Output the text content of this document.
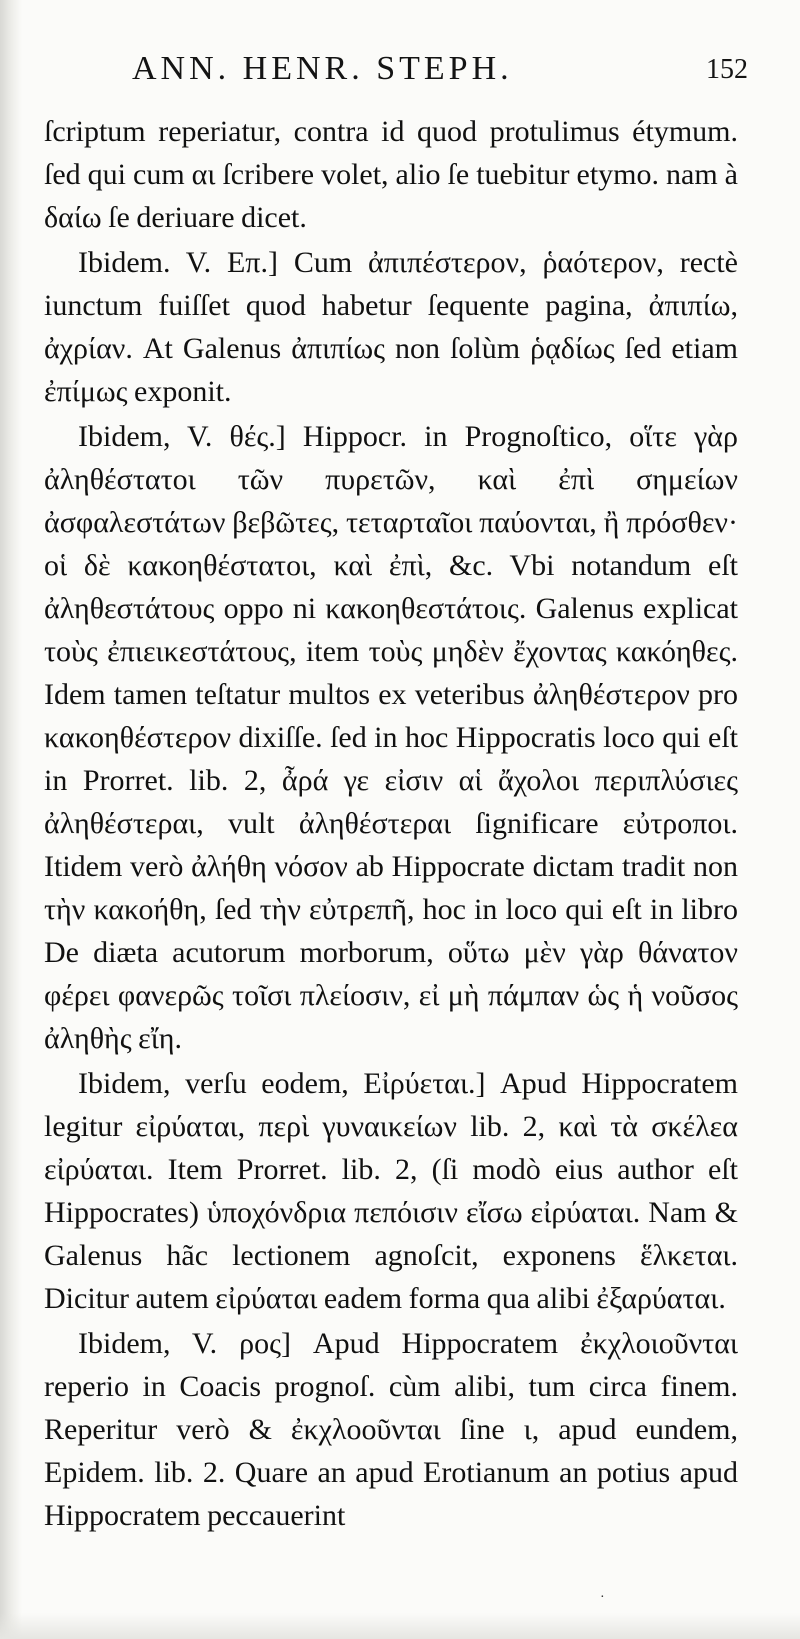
ANN. HENR. STEPH.	152

ſcriptum reperiatur, contra id quod protulimus étymum. ſed qui cum αι ſcribere volet, alio ſe tuebitur etymo. nam à δαίω ſe deriuare dicet.

Ibidem. V. Επ.] Cum ἀπιπέστερον, ῥαότερον, rectè iunctum fuiſſet quod habetur ſequente pagina, ἀπιπίω, ἀχρίαν. At Galenus ἀπιπίως non ſolùm ῥᾳδίως ſed etiam ἐπίμως exponit.

Ibidem, V. θές.] Hippocr. in Prognoſtico, οἵτε γὰρ ἀληθέστατοι τῶν πυρετῶν, καὶ ἐπὶ σημείων ἀσφαλεστάτων βεβῶτες, τεταρταῖοι παύονται, ἢ πρόσθεν· οἱ δὲ κακοηθέστατοι, καὶ ἐπὶ, &c. Vbi notandum eſt ἀληθεστάτους oppo ni κακοηθεστάτοις. Galenus explicat τοὺς ἐπιεικεστάτους, item τοὺς μηδὲν ἔχοντας κακόηθες. Idem tamen teſtatur multos ex veteribus ἀληθέστερον pro κακοηθέστερον dixiſſe. ſed in hoc Hippocratis loco qui eſt in Prorret. lib. 2, ἆρά γε εἰσιν αἱ ἄχολοι περιπλύσιες ἀληθέστεραι, vult ἀληθέστεραι ſignificare εὐτροποι. Itidem verò ἀλήθη νόσον ab Hippocrate dictam tradit non τὴν κακοήθη, ſed τὴν εὐτρεπῆ, hoc in loco qui eſt in libro De diæta acutorum morborum, οὕτω μὲν γὰρ θάνατον φέρει φανερῶς τοῖσι πλείοσιν, εἰ μὴ πάμπαν ὡς ἡ νοῦσος ἀληθὴς εἴη.

Ibidem, verſu eodem, Εἰρύεται.] Apud Hippocratem legitur εἰρύαται, περὶ γυναικείων lib. 2, καὶ τὰ σκέλεα εἰρύαται. Item Prorret. lib. 2, (ſi modò eius author eſt Hippocrates) ὑποχόνδρια πεπόισιν εἴσω εἰρύαται. Nam & Galenus hãc lectionem agnoſcit, exponens ἕλκεται. Dicitur autem εἰρύαται eadem forma qua alibi ἐξαρύαται.

Ibidem, V. ρος] Apud Hippocratem ἐκχλοιοῦνται reperio in Coacis prognoſ. cùm alibi, tum circa finem. Reperitur verò & ἐκχλοοῦνται ſine ι, apud eundem, Epidem. lib. 2. Quare an apud Erotianum an potius apud Hippocratem peccauerint

·
